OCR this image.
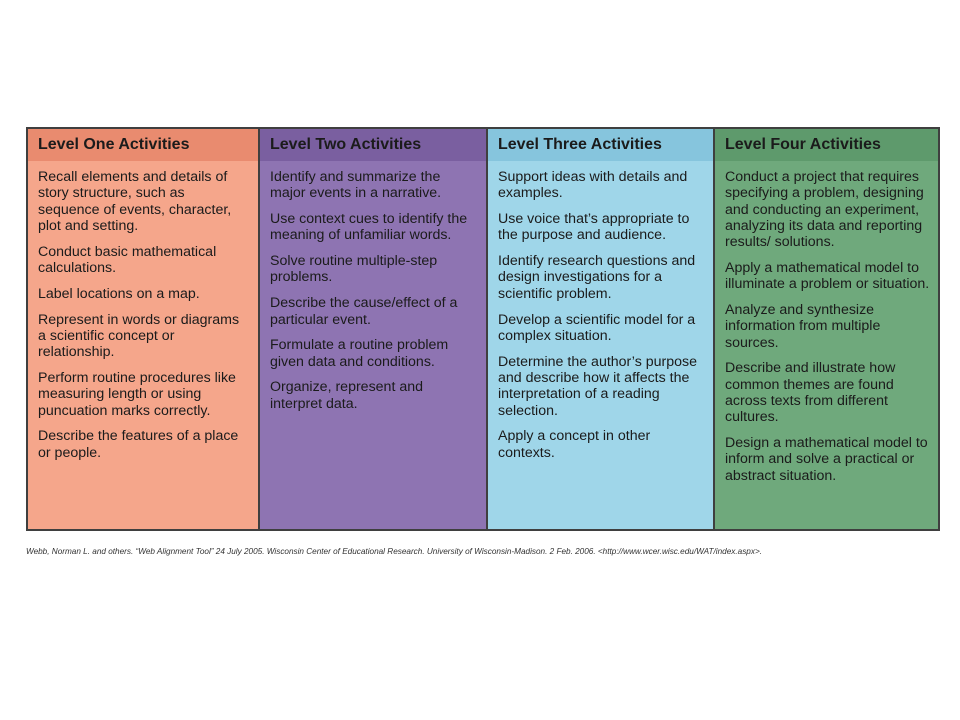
Level One Activities
Recall elements and details of story structure, such as sequence of events, character, plot and setting.
Conduct basic mathematical calculations.
Label locations on a map.
Represent in words or diagrams a scientific concept or relationship.
Perform routine procedures like measuring length or using puncuation marks correctly.
Describe the features of a place or people.
Level Two Activities
Identify and summarize the major events in a narrative.
Use context cues to identify the meaning of unfamiliar words.
Solve routine multiple-step problems.
Describe the cause/effect of a particular event.
Formulate a routine problem given data and conditions.
Organize, represent and interpret data.
Level Three Activities
Support ideas with details and examples.
Use voice that’s appropriate to the purpose and audience.
Identify research questions and design investigations for a scientific problem.
Develop a scientific model for a complex situation.
Determine the author’s purpose and describe how it affects the interpretation of a reading selection.
Apply a concept in other contexts.
Level Four Activities
Conduct a project that requires specifying a problem, designing and conducting an experiment, analyzing its data and reporting results/ solutions.
Apply a mathematical model to illuminate a problem or situation.
Analyze and synthesize information from multiple sources.
Describe and illustrate how common themes are found across texts from different cultures.
Design a mathematical model to inform and solve a practical or abstract situation.
Webb, Norman L. and others. “Web Alignment Tool” 24 July 2005. Wisconsin Center of Educational Research. University of Wisconsin-Madison. 2 Feb. 2006. <http://www.wcer.wisc.edu/WAT/index.aspx>.
